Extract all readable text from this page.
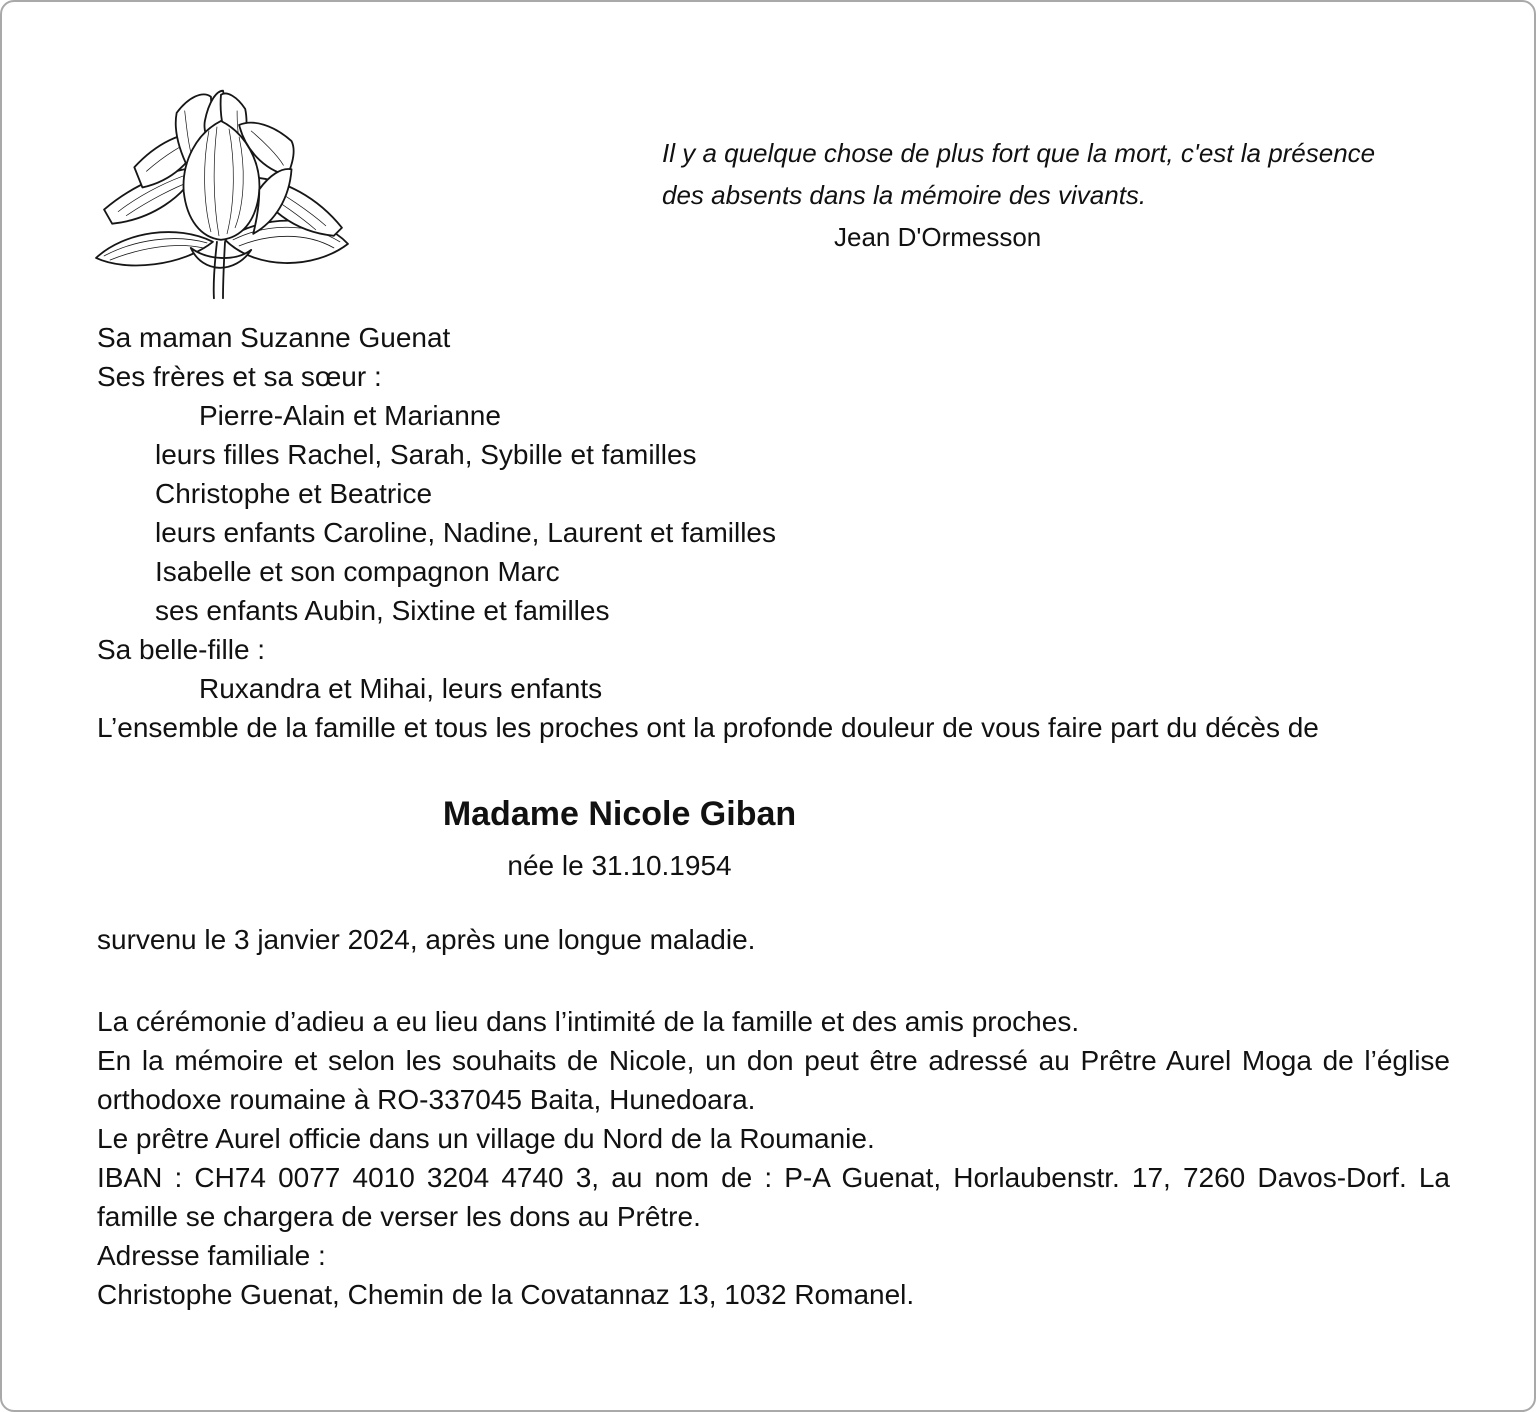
Il y a quelque chose de plus fort que la mort, c'est la présence
des absents dans la mémoire des vivants.
Jean D'Ormesson
Sa maman Suzanne Guenat
Ses frères et sa sœur :
Pierre-Alain et Marianne
leurs filles Rachel, Sarah, Sybille et familles
Christophe et Beatrice
leurs enfants Caroline, Nadine, Laurent et familles
Isabelle et son compagnon Marc
ses enfants Aubin, Sixtine et familles
Sa belle-fille :
Ruxandra et Mihai, leurs enfants
L’ensemble de la famille et tous les proches ont la profonde douleur de vous faire part du décès de
Madame Nicole Giban
née le 31.10.1954
survenu le 3 janvier 2024, après une longue maladie.
La cérémonie d’adieu a eu lieu dans l’intimité de la famille et des amis proches.
En la mémoire et selon les souhaits de Nicole, un don peut être adressé au Prêtre Aurel Moga de l’église
orthodoxe roumaine à RO-337045 Baita, Hunedoara.
Le prêtre Aurel officie dans un village du Nord de la Roumanie.
IBAN : CH74 0077 4010 3204 4740 3, au nom de : P-A Guenat, Horlaubenstr. 17, 7260 Davos-Dorf. La
famille se chargera de verser les dons au Prêtre.
Adresse familiale :
Christophe Guenat, Chemin de la Covatannaz 13, 1032 Romanel.
